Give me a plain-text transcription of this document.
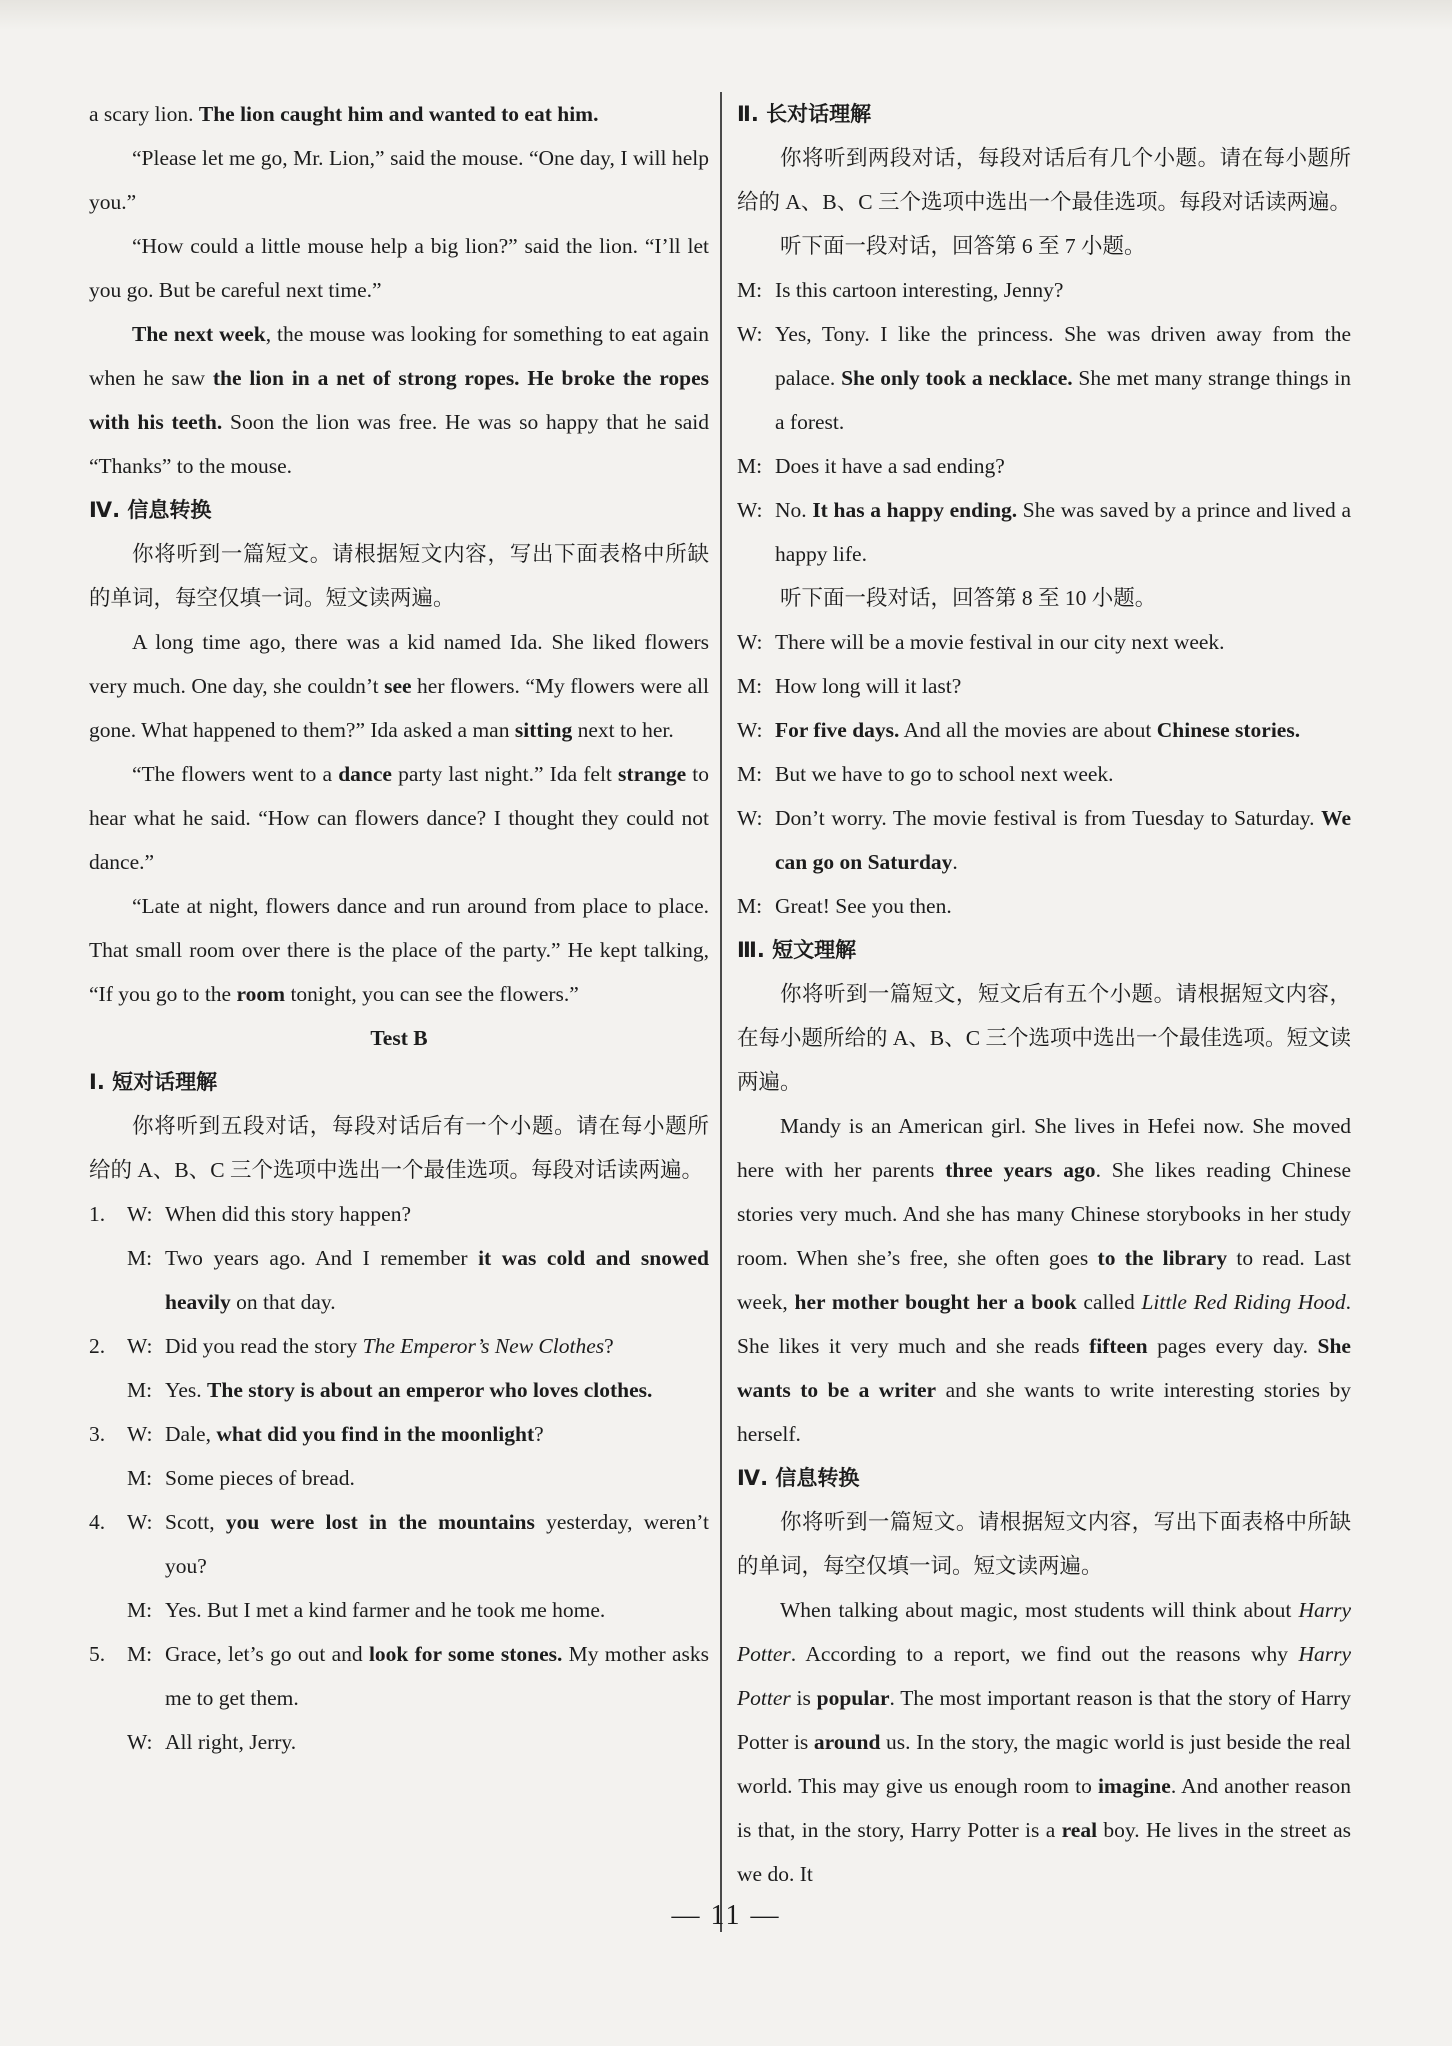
a scary lion. The lion caught him and wanted to eat him.

“Please let me go, Mr. Lion,” said the mouse. “One day, I will help you.”

“How could a little mouse help a big lion?” said the lion. “I’ll let you go. But be careful next time.”

The next week, the mouse was looking for something to eat again when he saw the lion in a net of strong ropes. He broke the ropes with his teeth. Soon the lion was free. He was so happy that he said “Thanks” to the mouse.

Ⅳ. 信息转换

你将听到一篇短文。请根据短文内容，写出下面表格中所缺的单词，每空仅填一词。短文读两遍。

A long time ago, there was a kid named Ida. She liked flowers very much. One day, she couldn’t see her flowers. “My flowers were all gone. What happened to them?” Ida asked a man sitting next to her.

“The flowers went to a dance party last night.” Ida felt strange to hear what he said. “How can flowers dance? I thought they could not dance.”

“Late at night, flowers dance and run around from place to place. That small room over there is the place of the party.” He kept talking, “If you go to the room tonight, you can see the flowers.”

Test B

Ⅰ. 短对话理解

你将听到五段对话，每段对话后有一个小题。请在每小题所给的 A、B、C 三个选项中选出一个最佳选项。每段对话读两遍。

1.	W: When did this story happen?
M: Two years ago. And I remember it was cold and snowed heavily on that day.
2.	W: Did you read the story The Emperor’s New Clothes?
M: Yes. The story is about an emperor who loves clothes.
3.	W: Dale, what did you find in the moonlight?
M: Some pieces of bread.
4.	W: Scott, you were lost in the mountains yesterday, weren’t you?
M: Yes. But I met a kind farmer and he took me home.
5.	M: Grace, let’s go out and look for some stones. My mother asks me to get them.
W: All right, Jerry.

Ⅱ. 长对话理解

你将听到两段对话，每段对话后有几个小题。请在每小题所给的 A、B、C 三个选项中选出一个最佳选项。每段对话读两遍。

听下面一段对话，回答第 6 至 7 小题。

M: Is this cartoon interesting, Jenny?
W: Yes, Tony. I like the princess. She was driven away from the palace. She only took a necklace. She met many strange things in a forest.
M: Does it have a sad ending?
W: No. It has a happy ending. She was saved by a prince and lived a happy life.

听下面一段对话，回答第 8 至 10 小题。

W: There will be a movie festival in our city next week.
M: How long will it last?
W: For five days. And all the movies are about Chinese stories.
M: But we have to go to school next week.
W: Don’t worry. The movie festival is from Tuesday to Saturday. We can go on Saturday.
M: Great! See you then.

Ⅲ. 短文理解

你将听到一篇短文，短文后有五个小题。请根据短文内容，在每小题所给的 A、B、C 三个选项中选出一个最佳选项。短文读两遍。

Mandy is an American girl. She lives in Hefei now. She moved here with her parents three years ago. She likes reading Chinese stories very much. And she has many Chinese storybooks in her study room. When she’s free, she often goes to the library to read. Last week, her mother bought her a book called Little Red Riding Hood. She likes it very much and she reads fifteen pages every day. She wants to be a writer and she wants to write interesting stories by herself.

Ⅳ. 信息转换

你将听到一篇短文。请根据短文内容，写出下面表格中所缺的单词，每空仅填一词。短文读两遍。

When talking about magic, most students will think about Harry Potter. According to a report, we find out the reasons why Harry Potter is popular. The most important reason is that the story of Harry Potter is around us. In the story, the magic world is just beside the real world. This may give us enough room to imagine. And another reason is that, in the story, Harry Potter is a real boy. He lives in the street as we do. It

— 11 —
